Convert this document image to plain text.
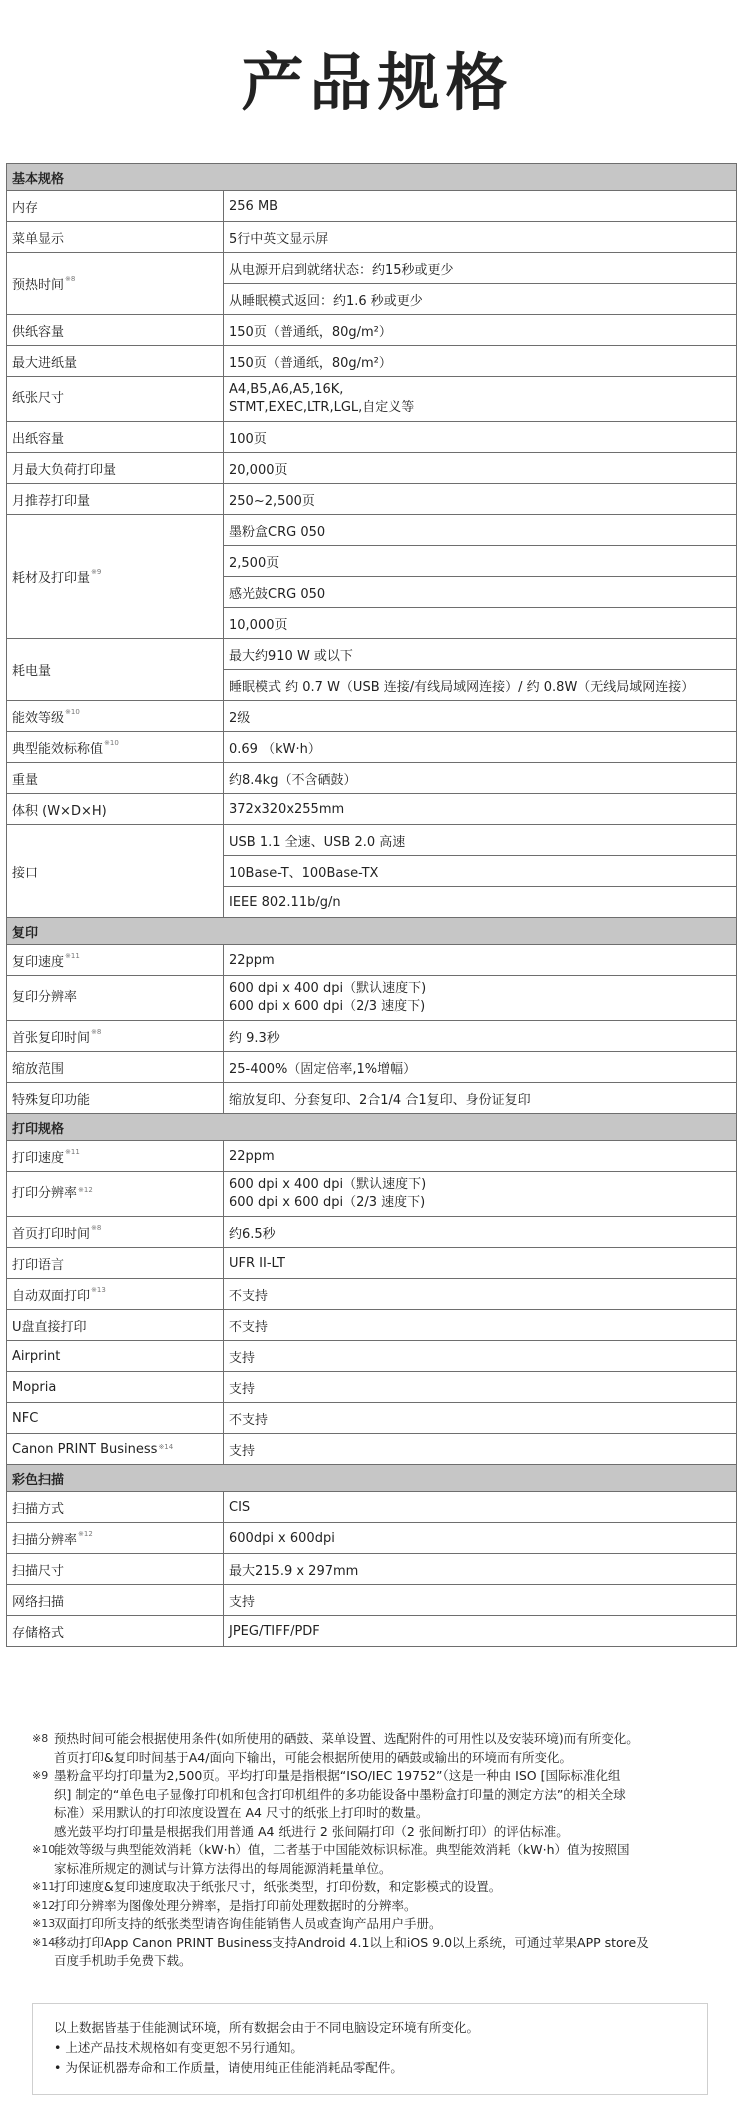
产品规格
基本规格	
内存	256 MB
菜单显示	5行中英文显示屏
预热时间$^{※8}$	从电源开启到就绪状态：约15秒或更少
	从睡眠模式返回：约1.6 秒或更少
供纸容量	150页（普通纸，80g/m²）
最大进纸量	150页（普通纸，80g/m²）
纸张尺寸	A4,B5,A6,A5,16K,
STMT,EXEC,LTR,LGL,自定义等
出纸容量	100页
月最大负荷打印量	20,000页
月推荐打印量	250~2,500页
耗材及打印量$^{※9}$	墨粉盒CRG 050
	2,500页
	感光鼓CRG 050
	10,000页
耗电量	最大约910 W 或以下
	睡眠模式 约 0.7 W（USB 连接/有线局域网连接）/ 约 0.8W（无线局域网连接）
能效等级$^{※10}$	2级
典型能效标称值$^{※10}$	0.69 （kW·h）
重量	约8.4kg（不含硒鼓）
体积 (W×D×H)	372x320x255mm
接口	USB 1.1 全速、USB 2.0 高速
	10Base-T、100Base-TX
	IEEE 802.11b/g/n
复印	
复印速度$^{※11}$	22ppm
复印分辨率	600 dpi x 400 dpi（默认速度下)
600 dpi x 600 dpi（2/3 速度下)
首张复印时间$^{※8}$	约 9.3秒
缩放范围	25-400%（固定倍率,1%增幅）
特殊复印功能	缩放复印、分套复印、2合1/4 合1复印、身份证复印
打印规格	
打印速度$^{※11}$	22ppm
打印分辨率$^{※12}$	600 dpi x 400 dpi（默认速度下)
600 dpi x 600 dpi（2/3 速度下)
首页打印时间$^{※8}$	约6.5秒
打印语言	UFR II-LT
自动双面打印$^{※13}$	不支持
U盘直接打印	不支持
Airprint	支持
Mopria	支持
NFC	不支持
Canon PRINT Business$^{※14}$	支持
彩色扫描	
扫描方式	CIS
扫描分辨率$^{※12}$	600dpi x 600dpi
扫描尺寸	最大215.9 x 297mm
网络扫描	支持
存储格式	JPEG/TIFF/PDF
※8 预热时间可能会根据使用条件(如所使用的硒鼓、菜单设置、选配附件的可用性以及安装环境)而有所变化。
首页打印&复印时间基于A4/面向下输出，可能会根据所使用的硒鼓或输出的环境而有所变化。
※9 墨粉盒平均打印量为2,500页。平均打印量是指根据“ISO/IEC 19752”（这是一种由 ISO [国际标准化组
织] 制定的“单色电子显像打印机和包含打印机组件的多功能设备中墨粉盒打印量的测定方法”的相关全球
标准）采用默认的打印浓度设置在 A4 尺寸的纸张上打印时的数量。
感光鼓平均打印量是根据我们用普通 A4 纸进行 2 张间隔打印（2 张间断打印）的评估标准。
※10
能效等级与典型能效消耗（kW·h）值，二者基于中国能效标识标准。典型能效消耗（kW·h）值为按照国
家标准所规定的测试与计算方法得出的每周能源消耗量单位。
※11
打印速度&复印速度取决于纸张尺寸，纸张类型，打印份数，和定影模式的设置。
※12
打印分辨率为图像处理分辨率，是指打印前处理数据时的分辨率。
※13
双面打印所支持的纸张类型请咨询佳能销售人员或查询产品用户手册。
※14
移动打印App Canon PRINT Business支持Android 4.1以上和iOS 9.0以上系统，可通过苹果APP store及
百度手机助手免费下载。
以上数据皆基于佳能测试环境，所有数据会由于不同电脑设定环境有所变化。
• 上述产品技术规格如有变更恕不另行通知。
• 为保证机器寿命和工作质量，请使用纯正佳能消耗品零配件。
